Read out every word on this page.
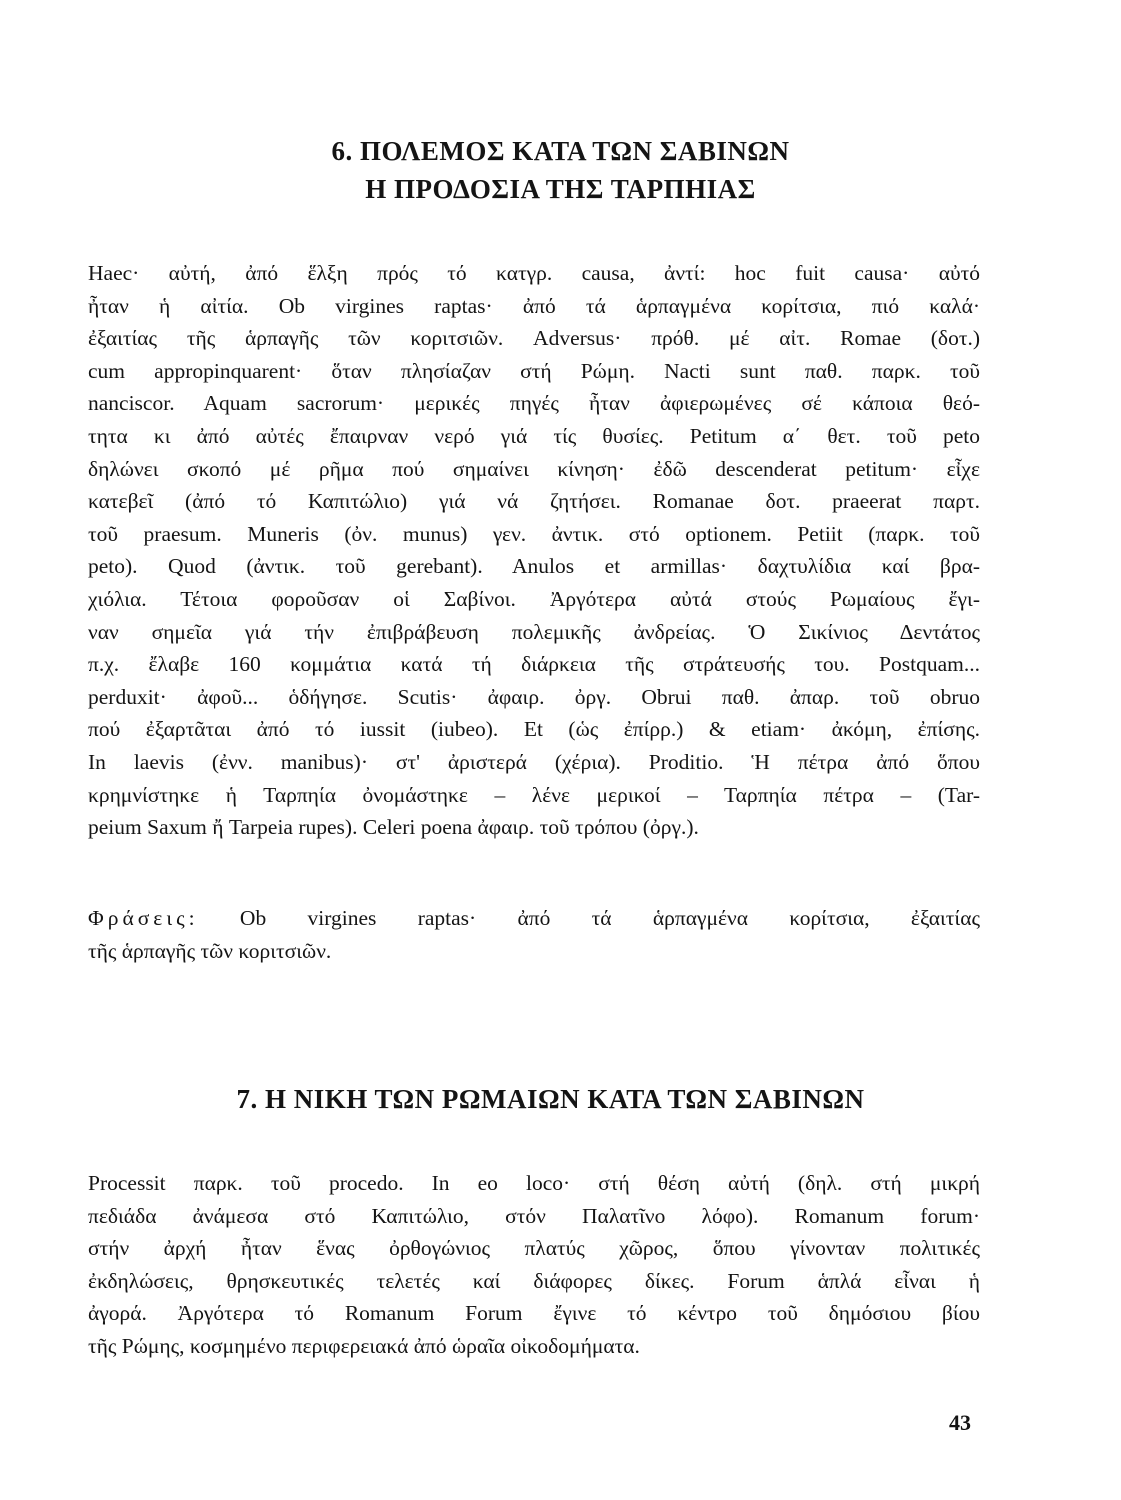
6. ΠΟΛΕΜΟΣ ΚΑΤΑ ΤΩΝ ΣΑΒΙΝΩΝ
Η ΠΡΟΔΟΣΙΑ ΤΗΣ ΤΑΡΠΗΙΑΣ
Haec· αὐτή, ἀπό ἕλξη πρός τό κατγρ. causa, ἀντί: hoc fuit causa· αὐτό
ἦταν ἡ αἰτία. Ob virgines raptas· ἀπό τά ἁρπαγμένα κορίτσια, πιό καλά·
ἐξαιτίας τῆς ἁρπαγῆς τῶν κοριτσιῶν. Adversus· πρόθ. μέ αἰτ. Romae (δοτ.)
cum appropinquarent· ὅταν πλησίαζαν στή Ρώμη. Nacti sunt παθ. παρκ. τοῦ
nanciscor. Aquam sacrorum· μερικές πηγές ἦταν ἀφιερωμένες σέ κάποια θεό-
τητα κι ἀπό αὐτές ἔπαιρναν νερό γιά τίς θυσίες. Petitum α΄ θετ. τοῦ peto
δηλώνει σκοπό μέ ρῆμα πού σημαίνει κίνηση· ἐδῶ descenderat petitum· εἶχε
κατεβεῖ (ἀπό τό Καπιτώλιο) γιά νά ζητήσει. Romanae δοτ. praeerat παρτ.
τοῦ praesum. Muneris (ὀν. munus) γεν. ἀντικ. στό optionem. Petiit (παρκ. τοῦ
peto). Quod (ἀντικ. τοῦ gerebant). Anulos et armillas· δαχτυλίδια καί βρα-
χιόλια. Τέτοια φοροῦσαν οἱ Σαβίνοι. Ἀργότερα αὐτά στούς Ρωμαίους ἔγι-
ναν σημεῖα γιά τήν ἐπιβράβευση πολεμικῆς ἀνδρείας. Ὁ Σικίνιος Δεντάτος
π.χ. ἔλαβε 160 κομμάτια κατά τή διάρκεια τῆς στράτευσής του. Postquam...
perduxit· ἀφοῦ... ὁδήγησε. Scutis· ἀφαιρ. ὀργ. Obrui παθ. ἀπαρ. τοῦ obruo
πού ἐξαρτᾶται ἀπό τό iussit (iubeo). Et (ὡς ἐπίρρ.) & etiam· ἀκόμη, ἐπίσης.
In laevis (ἐνν. manibus)· στ' ἀριστερά (χέρια). Proditio. Ἡ πέτρα ἀπό ὅπου
κρημνίστηκε ἡ Ταρπηία ὀνομάστηκε – λένε μερικοί – Ταρπηία πέτρα – (Tar-
peium Saxum ἤ Tarpeia rupes). Celeri poena ἀφαιρ. τοῦ τρόπου (ὀργ.).
Φράσεις: Ob virgines raptas· ἀπό τά ἁρπαγμένα κορίτσια, ἐξαιτίας
τῆς ἁρπαγῆς τῶν κοριτσιῶν.
7. Η ΝΙΚΗ ΤΩΝ ΡΩΜΑΙΩΝ ΚΑΤΑ ΤΩΝ ΣΑΒΙΝΩΝ
Processit παρκ. τοῦ procedo. In eo loco· στή θέση αὐτή (δηλ. στή μικρή
πεδιάδα ἀνάμεσα στό Καπιτώλιο, στόν Παλατῖνο λόφο). Romanum forum·
στήν ἀρχή ἦταν ἕνας ὀρθογώνιος πλατύς χῶρος, ὅπου γίνονταν πολιτικές
ἐκδηλώσεις, θρησκευτικές τελετές καί διάφορες δίκες. Forum ἁπλά εἶναι ἡ
ἀγορά. Ἀργότερα τό Romanum Forum ἔγινε τό κέντρο τοῦ δημόσιου βίου
τῆς Ρώμης, κοσμημένο περιφερειακά ἀπό ὡραῖα οἰκοδομήματα.

43
